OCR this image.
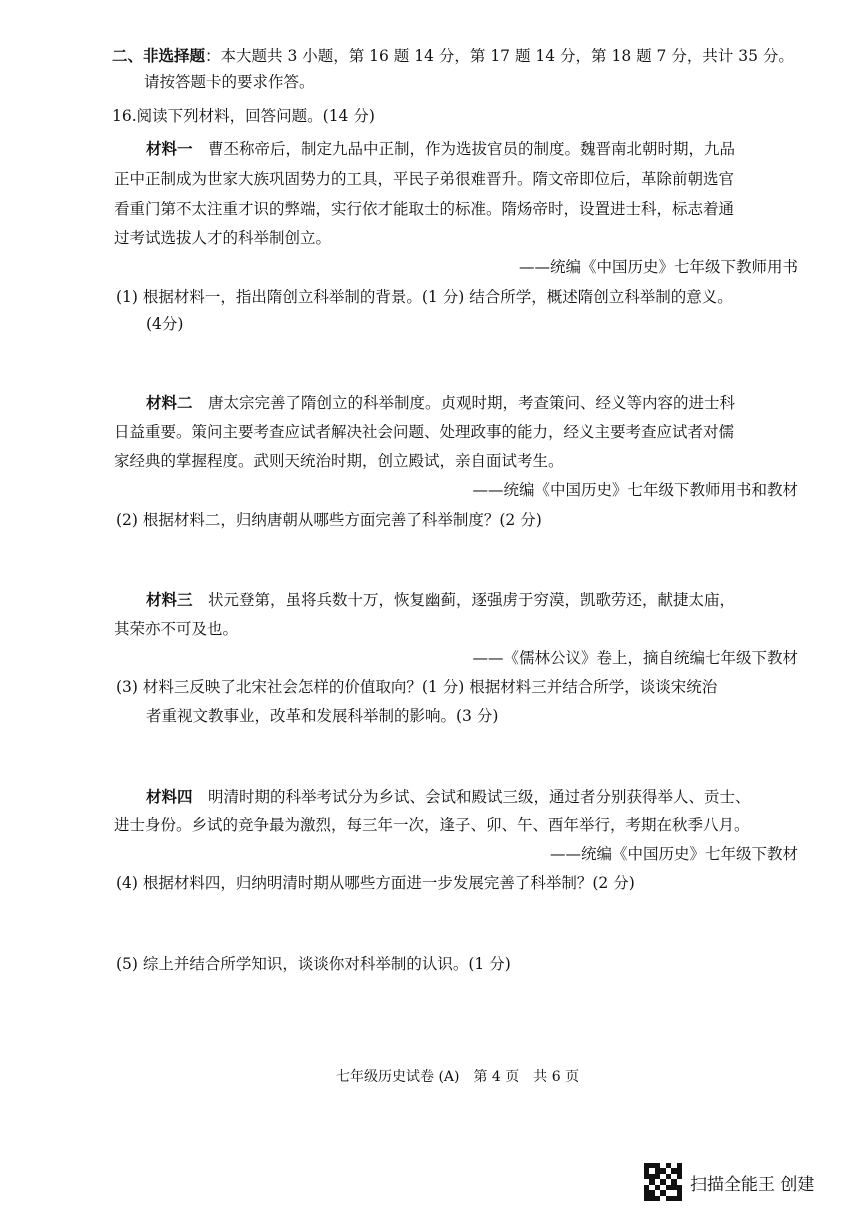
二、非选择题：本大题共 3 小题，第 16 题 14 分，第 17 题 14 分，第 18 题 7 分，共计 35 分。
请按答题卡的要求作答。
16.阅读下列材料，回答问题。(14 分)
材料一　 曹丕称帝后，制定九品中正制，作为选拔官员的制度。魏晋南北朝时期，九品
正中正制成为世家大族巩固势力的工具，平民子弟很难晋升。隋文帝即位后，革除前朝选官
看重门第不太注重才识的弊端，实行依才能取士的标准。隋炀帝时，设置进士科，标志着通
过考试选拔人才的科举制创立。
——统编《中国历史》七年级下教师用书
(1) 根据材料一，指出隋创立科举制的背景。(1 分) 结合所学，概述隋创立科举制的意义。
(4分)
材料二　 唐太宗完善了隋创立的科举制度。贞观时期，考查策问、经义等内容的进士科
日益重要。策问主要考查应试者解决社会问题、处理政事的能力，经义主要考查应试者对儒
家经典的掌握程度。武则天统治时期，创立殿试，亲自面试考生。
——统编《中国历史》七年级下教师用书和教材
(2) 根据材料二，归纳唐朝从哪些方面完善了科举制度？(2 分)
材料三　 状元登第，虽将兵数十万，恢复幽蓟，逐强虏于穷漠，凯歌劳还，献捷太庙，
其荣亦不可及也。
——《儒林公议》卷上，摘自统编七年级下教材
(3) 材料三反映了北宋社会怎样的价值取向？(1 分) 根据材料三并结合所学，谈谈宋统治
者重视文教事业，改革和发展科举制的影响。(3 分)
材料四　 明清时期的科举考试分为乡试、会试和殿试三级，通过者分别获得举人、贡士、
进士身份。乡试的竞争最为激烈，每三年一次，逢子、卯、午、酉年举行，考期在秋季八月。
——统编《中国历史》七年级下教材
(4) 根据材料四，归纳明清时期从哪些方面进一步发展完善了科举制？(2 分)
(5) 综上并结合所学知识，谈谈你对科举制的认识。(1 分)
七年级历史试卷 (A)　第 4 页　共 6 页
扫描全能王 创建
